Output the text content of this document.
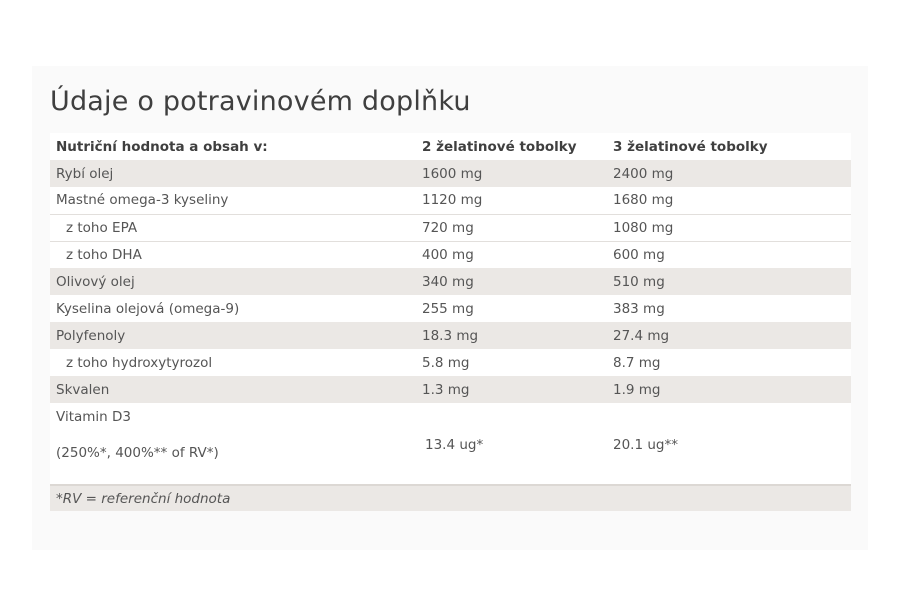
Údaje o potravinovém doplňku
Nutriční hodnota a obsah v:	2 želatinové tobolky	3 želatinové tobolky
Rybí olej	1600 mg	2400 mg
Mastné omega-3 kyseliny	1120 mg	1680 mg
z toho EPA	720 mg	1080 mg
z toho DHA	400 mg	600 mg
Olivový olej	340 mg	510 mg
Kyselina olejová (omega-9)	255 mg	383 mg
Polyfenoly	18.3 mg	27.4 mg
z toho hydroxytyrozol	5.8 mg	8.7 mg
Skvalen	1.3 mg	1.9 mg

Vitamin D3
(250%*, 400%** of RV*)	13.4 ug*	20.1 ug**

*RV = referenční hodnota		
